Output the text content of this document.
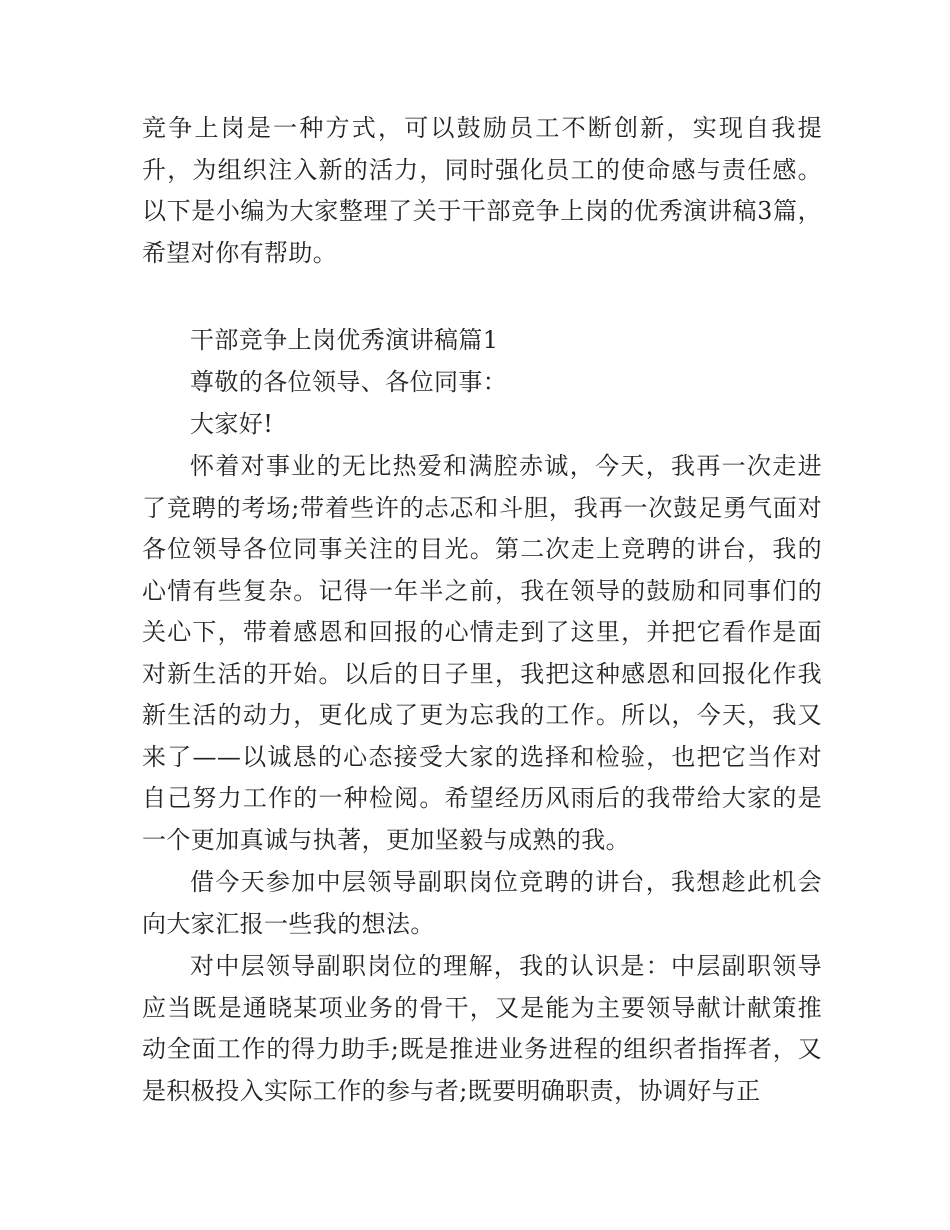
竞争上岗是一种方式，可以鼓励员工不断创新，实现自我提升，为组织注入新的活力，同时强化员工的使命感与责任感。以下是小编为大家整理了关于干部竞争上岗的优秀演讲稿3篇，希望对你有帮助。

干部竞争上岗优秀演讲稿篇1

尊敬的各位领导、各位同事：

大家好!

怀着对事业的无比热爱和满腔赤诚，今天，我再一次走进了竞聘的考场;带着些许的忐忑和斗胆，我再一次鼓足勇气面对各位领导各位同事关注的目光。第二次走上竞聘的讲台，我的心情有些复杂。记得一年半之前，我在领导的鼓励和同事们的关心下，带着感恩和回报的心情走到了这里，并把它看作是面对新生活的开始。以后的日子里，我把这种感恩和回报化作我新生活的动力，更化成了更为忘我的工作。所以，今天，我又来了——以诚恳的心态接受大家的选择和检验，也把它当作对自己努力工作的一种检阅。希望经历风雨后的我带给大家的是一个更加真诚与执著，更加坚毅与成熟的我。

借今天参加中层领导副职岗位竞聘的讲台，我想趁此机会向大家汇报一些我的想法。

对中层领导副职岗位的理解，我的认识是：中层副职领导应当既是通晓某项业务的骨干，又是能为主要领导献计献策推动全面工作的得力助手;既是推进业务进程的组织者指挥者，又是积极投入实际工作的参与者;既要明确职责，协调好与正
